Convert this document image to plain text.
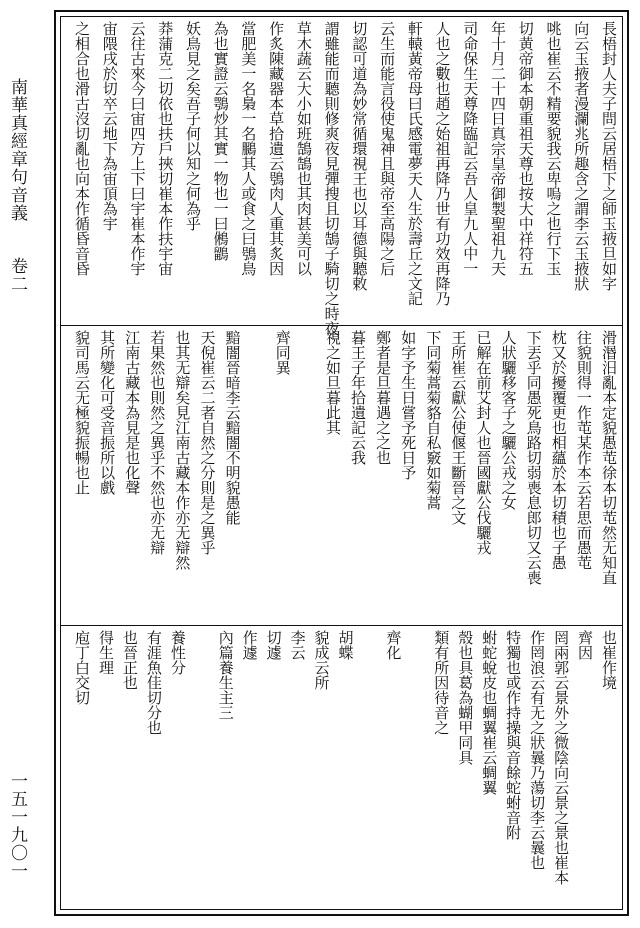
南華真經章句音義 卷二
一五一九〇一
長梧封人夫子問云居梧下之師玉掖旦如字
向云玉掖者漫瀾兆所趣含之謂李云玉掖狀
咷也崔云不精要貌我云卑嗚之也行下玉
切黄帝御本朝重祖天尊也按大中祥符五
年十月二十四日真宗皇帝御製聖祖九天
司命保生天尊降臨記云吾人皇九人中一
人也之數也趙之始祖再降乃世有功效再降乃
軒轅黃帝母曰氏感電夢天人生於壽丘之文記
云生而能言役使鬼神且與帝至高陽之后
切認可道為妙常循環視王也以耳德與聽敕
謂雖能而聽則修爽夜見彈搜且切鵠子騎切之時夜
草木蔬云大小如班鵠鵠也其肉甚美可以
作炙陳藏器本草拾遺云鴞肉人重其炙因
當肥美一名梟一名鵩其人或食之曰鴞鳥
為也實證云鶚炒其實一物也一曰鵂鶹
妖鳥見之矣吾子何以知之何為乎
莽蒲克二切依也扶戶挾切崔本作扶宇宙
云往古來今曰宙四方上下曰宇崔本作宇
宙隈戌於切卒云地下為宙頂為宇
之相合也滑古沒切亂也向本作循昏音昏
滑湣汨亂本定貌愚芚徐本切芚然无知直
往貌則得一作芚某作本云若思而愚芚
枕又於擾覆更也相蘊於本切積也子愚
下丟乎同愚死鳥路切弱喪息郎切又云喪
人狀驪移客子之驪公戎之女
已解在前艾封人也晉國獻公伐驪戎
王所崔云獻公使偃王斷晉之文
下同菊蒿菊貉自私竅如菊蒿
如字予生日嘗予死日予
鄭者是旦暮遇之之也
暮王子年拾遺記云我
視之如旦暮此其
齊同異
黯闇晉暗李云黯闇不明貌愚能
天倪崔云二者自然之分則是之異乎
也其无辯矣見江南古藏本作亦无辯然
若果然也則然之異乎不然也亦无辯
江南古藏本為見是也化聲
其所變化可受音振所以戲
貌司馬云无極貌振暢也止
也崔作境
齊因
罔兩郭云景外之微陰向云景之景也崔本
作罔浪云有无之狀曩乃蕩切李云曩也
特獨也或作持操與音餘蛇蚹音附
蚹蛇蛻皮也蜩翼崔云蜩翼
殼也具葛為蝴甲同具
類有所因待音之
齊化
胡蝶
貌成云所
李云
切遽
作遽
內篇養生主三
養性分
有涯魚佳切分也
也晉正也
得生理
庖丁白交切
